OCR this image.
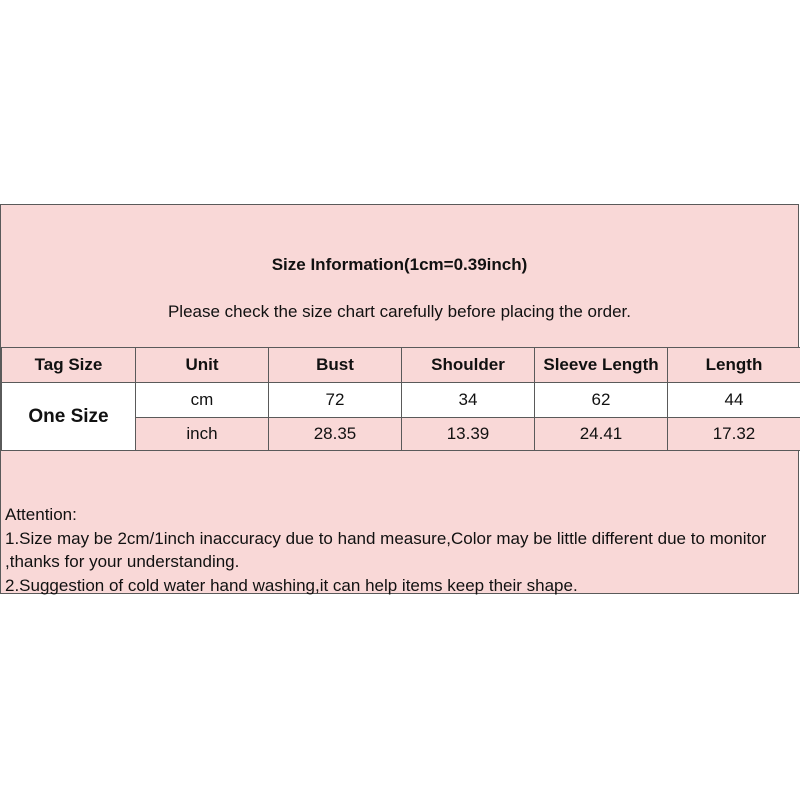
Size Information(1cm=0.39inch)
Please check the size chart carefully before placing the order.
Tag Size	Unit	Bust	Shoulder	Sleeve Length	Length
One Size	cm	72	34	62	44
	inch	28.35	13.39	24.41	17.32
Attention:
1.Size may be 2cm/1inch inaccuracy due to hand measure,Color may be little different due to monitor ,thanks for your understanding.
2.Suggestion of cold water hand washing,it can help items keep their shape.
